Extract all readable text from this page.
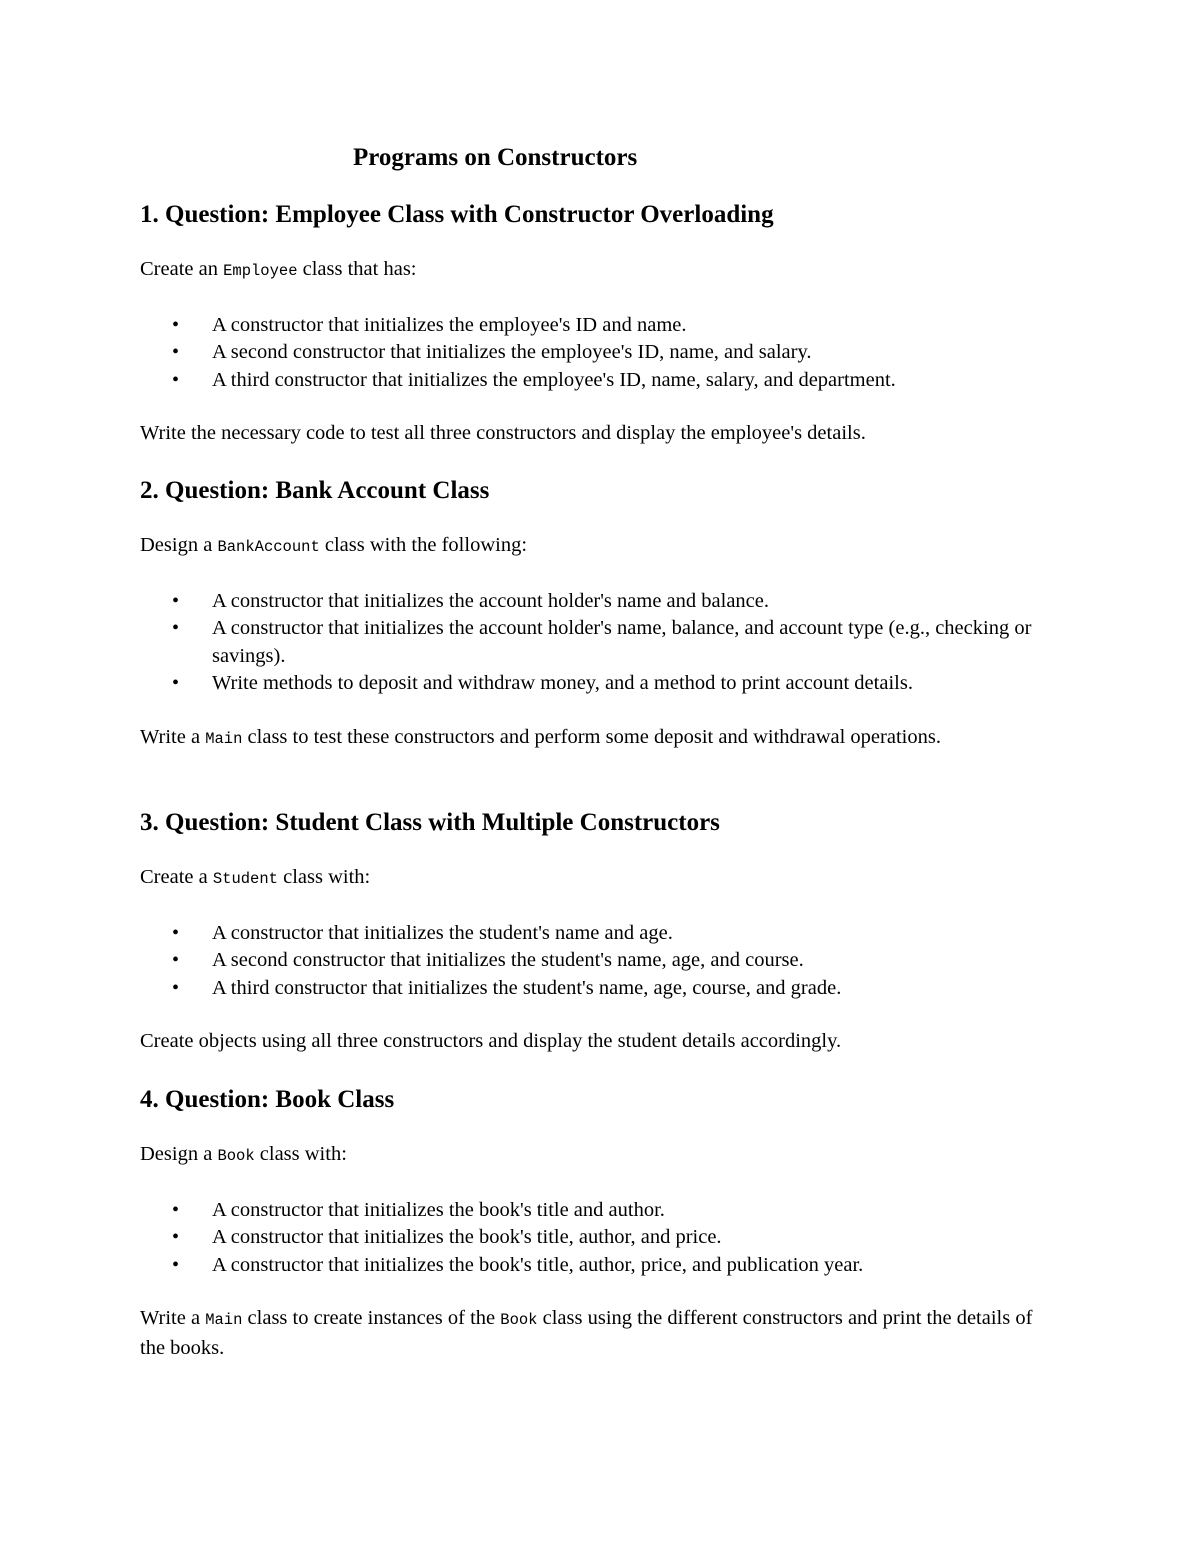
Programs on Constructors
1. Question: Employee Class with Constructor Overloading

Create an Employee class that has:

• A constructor that initializes the employee's ID and name.
• A second constructor that initializes the employee's ID, name, and salary.
• A third constructor that initializes the employee's ID, name, salary, and department.

Write the necessary code to test all three constructors and display the employee's details.

2. Question: Bank Account Class

Design a BankAccount class with the following:

• A constructor that initializes the account holder's name and balance.
• A constructor that initializes the account holder's name, balance, and account type (e.g., checking or savings).
• Write methods to deposit and withdraw money, and a method to print account details.

Write a Main class to test these constructors and perform some deposit and withdrawal operations.

3. Question: Student Class with Multiple Constructors

Create a Student class with:

• A constructor that initializes the student's name and age.
• A second constructor that initializes the student's name, age, and course.
• A third constructor that initializes the student's name, age, course, and grade.

Create objects using all three constructors and display the student details accordingly.

4. Question: Book Class

Design a Book class with:

• A constructor that initializes the book's title and author.
• A constructor that initializes the book's title, author, and price.
• A constructor that initializes the book's title, author, price, and publication year.

Write a Main class to create instances of the Book class using the different constructors and print the details of the books.
